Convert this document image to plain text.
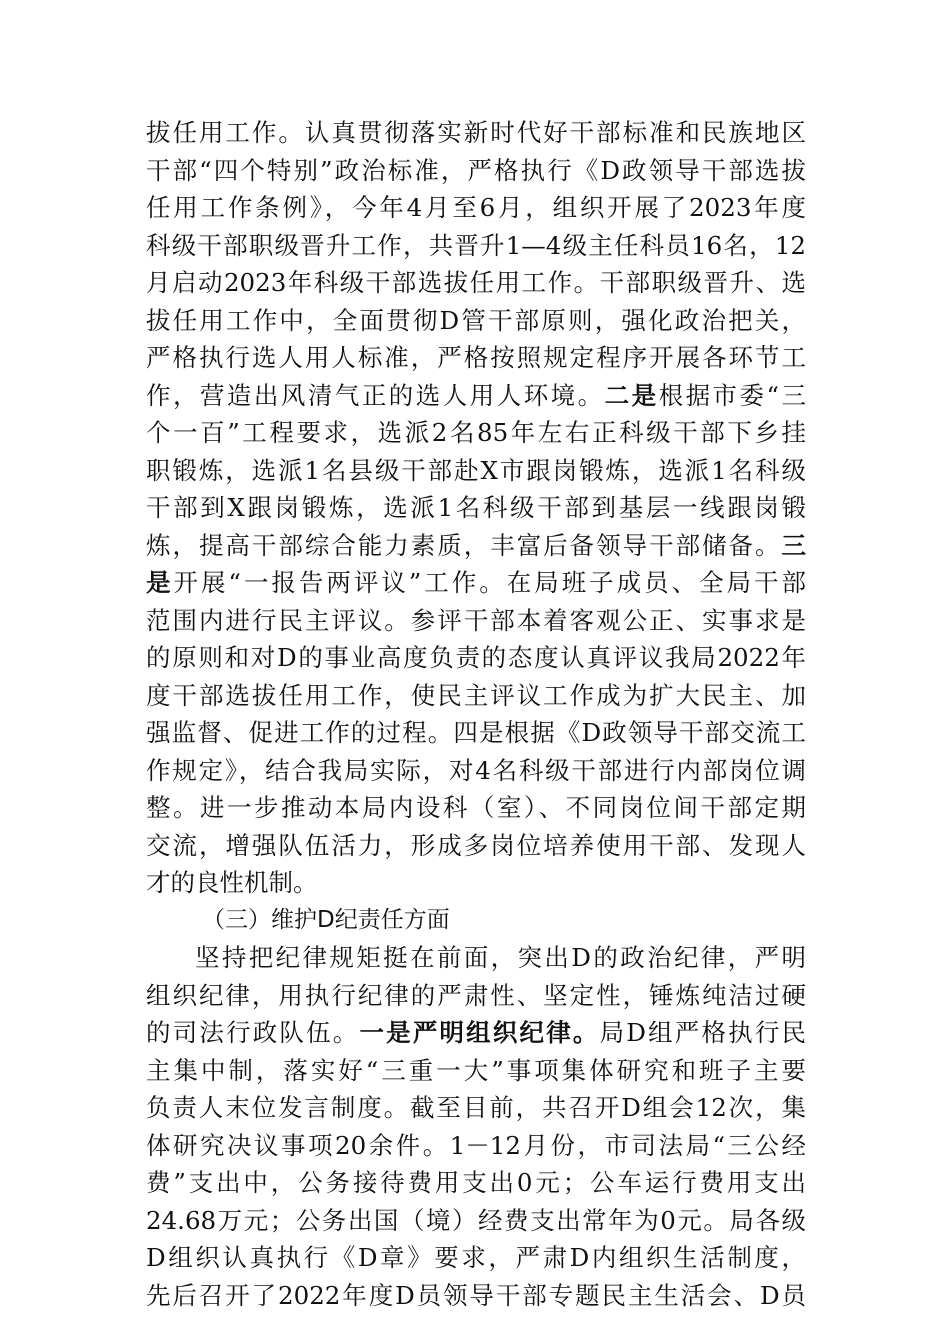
拔任用工作。认真贯彻落实新时代好干部标准和民族地区
干部“四个特别”政治标准，严格执行《D政领导干部选拔
任用工作条例》，今年4月至6月，组织开展了2023年度
科级干部职级晋升工作，共晋升1—4级主任科员16名，12
月启动2023年科级干部选拔任用工作。干部职级晋升、选
拔任用工作中，全面贯彻D管干部原则，强化政治把关，
严格执行选人用人标准，严格按照规定程序开展各环节工
作，营造出风清气正的选人用人环境。二是根据市委“三
个一百”工程要求，选派2名85年左右正科级干部下乡挂
职锻炼，选派1名县级干部赴X市跟岗锻炼，选派1名科级
干部到X跟岗锻炼，选派1名科级干部到基层一线跟岗锻
炼，提高干部综合能力素质，丰富后备领导干部储备。三
是开展“一报告两评议”工作。在局班子成员、全局干部
范围内进行民主评议。参评干部本着客观公正、实事求是
的原则和对D的事业高度负责的态度认真评议我局2022年
度干部选拔任用工作，使民主评议工作成为扩大民主、加
强监督、促进工作的过程。四是根据《D政领导干部交流工
作规定》，结合我局实际，对4名科级干部进行内部岗位调
整。进一步推动本局内设科（室）、不同岗位间干部定期
交流，增强队伍活力，形成多岗位培养使用干部、发现人
才的良性机制。
（三）维护D纪责任方面
坚持把纪律规矩挺在前面，突出D的政治纪律，严明
组织纪律，用执行纪律的严肃性、坚定性，锤炼纯洁过硬
的司法行政队伍。一是严明组织纪律。局D组严格执行民
主集中制，落实好“三重一大”事项集体研究和班子主要
负责人末位发言制度。截至目前，共召开D组会12次，集
体研究决议事项20余件。1－12月份，市司法局“三公经
费”支出中，公务接待费用支出0元；公车运行费用支出
24.68万元；公务出国（境）经费支出常年为0元。局各级
D组织认真执行《D章》要求，严肃D内组织生活制度，
先后召开了2022年度D员领导干部专题民主生活会、D员
